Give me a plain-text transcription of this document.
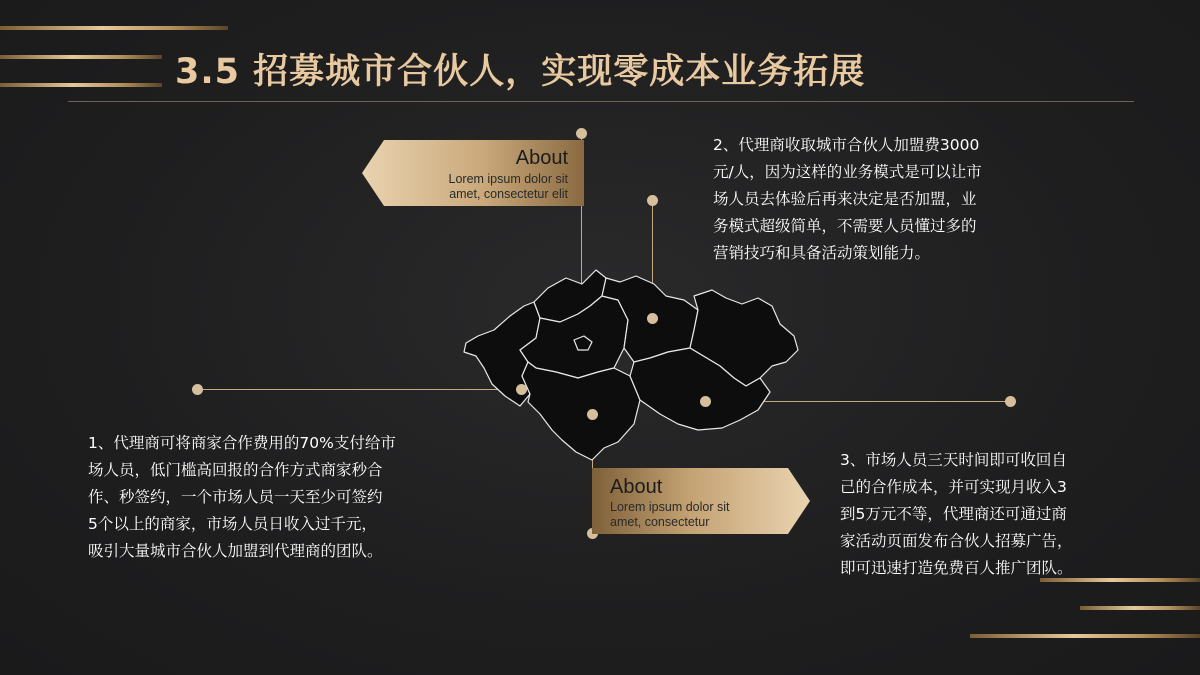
3.5 招募城市合伙人，实现零成本业务拓展
About
Lorem ipsum dolor sit
amet, consectetur elit
About
Lorem ipsum dolor sit
amet, consectetur
1、代理商可将商家合作费用的70%支付给市
场人员，低门槛高回报的合作方式商家秒合
作、秒签约，一个市场人员一天至少可签约
5个以上的商家，市场人员日收入过千元，
吸引大量城市合伙人加盟到代理商的团队。
2、代理商收取城市合伙人加盟费3000
元/人，因为这样的业务模式是可以让市
场人员去体验后再来决定是否加盟，业
务模式超级简单，不需要人员懂过多的
营销技巧和具备活动策划能力。
3、市场人员三天时间即可收回自
己的合作成本，并可实现月收入3
到5万元不等，代理商还可通过商
家活动页面发布合伙人招募广告，
即可迅速打造免费百人推广团队。
